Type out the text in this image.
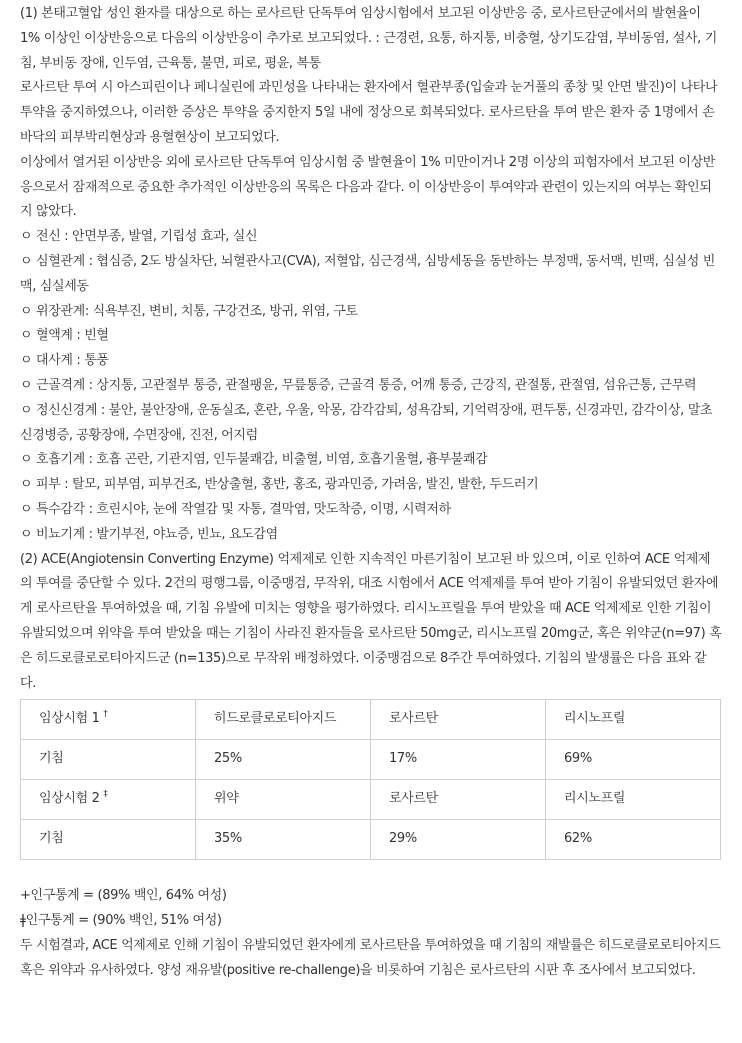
(1) 본태고혈압 성인 환자를 대상으로 하는 로사르탄 단독투여 임상시험에서 보고된 이상반응 중, 로사르탄군에서의 발현율이 1% 이상인 이상반응으로 다음의 이상반응이 추가로 보고되었다. : 근경련, 요통, 하지통, 비충혈, 상기도감염, 부비동염, 설사, 기침, 부비동 장애, 인두염, 근육통, 불면, 피로, 평윤, 복통

로사르탄 투여 시 아스피린이나 페니실린에 과민성을 나타내는 환자에서 혈관부종(입술과 눈거풀의 종창 및 안면 발진)이 나타나 투약을 중지하였으나, 이러한 증상은 투약을 중지한지 5일 내에 정상으로 회복되었다. 로사르탄을 투여 받은 환자 중 1명에서 손바닥의 피부박리현상과 용혈현상이 보고되었다.

이상에서 열거된 이상반응 외에 로사르탄 단독투여 임상시험 중 발현율이 1% 미만이거나 2명 이상의 피험자에서 보고된 이상반응으로서 잠재적으로 중요한 추가적인 이상반응의 목록은 다음과 같다. 이 이상반응이 투여약과 관련이 있는지의 여부는 확인되지 않았다.

ㅇ 전신 : 안면부종, 발열, 기립성 효과, 실신

ㅇ 심혈관계 : 협심증, 2도 방실차단, 뇌혈관사고(CVA), 저혈압, 심근경색, 심방세동을 동반하는 부정맥, 동서맥, 빈맥, 심실성 빈맥, 심실세동

ㅇ 위장관계: 식욕부진, 변비, 치통, 구강건조, 방귀, 위염, 구토

ㅇ 혈액계 : 빈혈

ㅇ 대사계 : 통풍

ㅇ 근골격계 : 상지통, 고관절부 통증, 관절팽윤, 무릎통증, 근골격 통증, 어깨 통증, 근강직, 관절통, 관절염, 섬유근통, 근무력

ㅇ 정신신경계 : 불안, 불안장애, 운동실조, 혼란, 우울, 악몽, 감각감퇴, 성욕감퇴, 기억력장애, 편두통, 신경과민, 감각이상, 말초신경병증, 공황장애, 수면장애, 진전, 어지럼

ㅇ 호흡기계 : 호흡 곤란, 기관지염, 인두불쾌감, 비출혈, 비염, 호흡기울혈, 흉부불쾌감

ㅇ 피부 : 탈모, 피부염, 피부건조, 반상출혈, 홍반, 홍조, 광과민증, 가려움, 발진, 발한, 두드러기

ㅇ 특수감각 : 흐린시야, 눈에 작열감 및 자통, 결막염, 맛도착증, 이명, 시력저하

ㅇ 비뇨기계 : 발기부전, 야뇨증, 빈뇨, 요도감염

(2) ACE(Angiotensin Converting Enzyme) 억제제로 인한 지속적인 마른기침이 보고된 바 있으며, 이로 인하여 ACE 억제제의 투여를 중단할 수 있다. 2건의 평행그룹, 이중맹검, 무작위, 대조 시험에서 ACE 억제제를 투여 받아 기침이 유발되었던 환자에게 로사르탄을 투여하였을 때, 기침 유발에 미치는 영향을 평가하였다. 리시노프릴을 투여 받았을 때 ACE 억제제로 인한 기침이 유발되었으며 위약을 투여 받았을 때는 기침이 사라진 환자들을 로사르탄 50mg군, 리시노프릴 20mg군, 혹은 위약군(n=97) 혹은 히드로클로로티아지드군 (n=135)으로 무작위 배정하였다. 이중맹검으로 8주간 투여하였다. 기침의 발생률은 다음 표와 같다.

임상시험 1 †	히드로클로로티아지드	로사르탄	리시노프릴
기침	25%	17%	69%
임상시험 2 ‡	위약	로사르탄	리시노프릴
기침	35%	29%	62%

+인구통계 = (89% 백인, 64% 여성)

ǂ인구통계 = (90% 백인, 51% 여성)

두 시험결과, ACE 억제제로 인해 기침이 유발되었던 환자에게 로사르탄을 투여하였을 때 기침의 재발률은 히드로클로로티아지드 혹은 위약과 유사하였다. 양성 재유발(positive re-challenge)을 비롯하여 기침은 로사르탄의 시판 후 조사에서 보고되었다.
